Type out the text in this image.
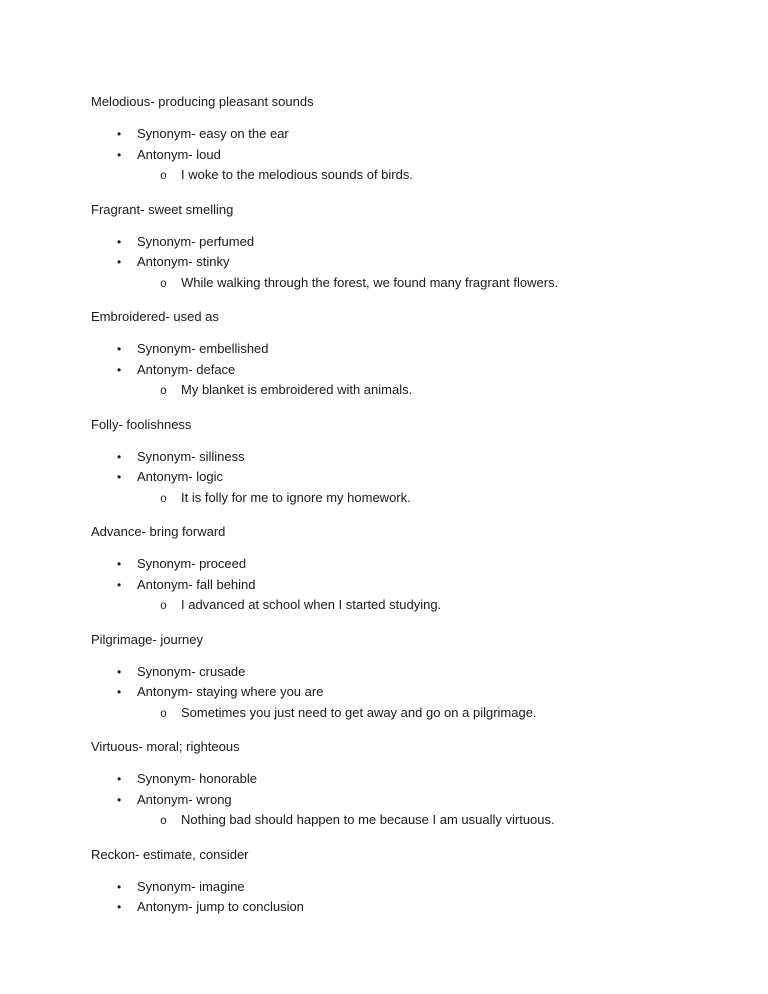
Melodious- producing pleasant sounds

•	Synonym- easy on the ear
•	Antonym- loud
o	I woke to the melodious sounds of birds.

Fragrant- sweet smelling

•	Synonym- perfumed
•	Antonym- stinky
o	While walking through the forest, we found many fragrant flowers.

Embroidered- used as

•	Synonym- embellished
•	Antonym- deface
o	My blanket is embroidered with animals.

Folly- foolishness

•	Synonym- silliness
•	Antonym- logic
o	It is folly for me to ignore my homework.

Advance- bring forward

•	Synonym- proceed
•	Antonym- fall behind
o	I advanced at school when I started studying.

Pilgrimage- journey

•	Synonym- crusade
•	Antonym- staying where you are
o	Sometimes you just need to get away and go on a pilgrimage.

Virtuous- moral; righteous

•	Synonym- honorable
•	Antonym- wrong
o	Nothing bad should happen to me because I am usually virtuous.

Reckon- estimate, consider

•	Synonym- imagine
•	Antonym- jump to conclusion
